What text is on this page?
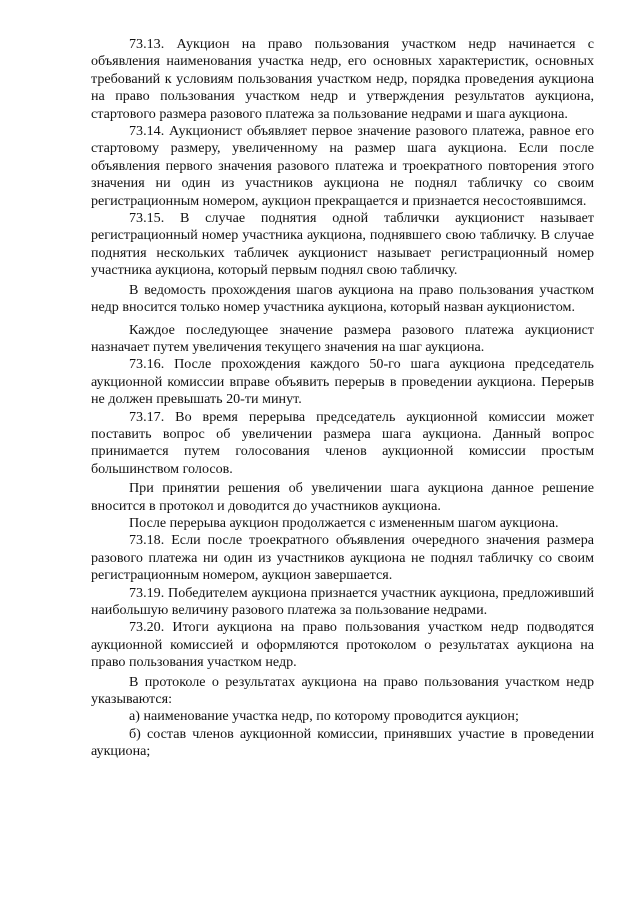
73.13. Аукцион на право пользования участком недр начинается с объявления наименования участка недр, его основных характеристик, основных требований к условиям пользования участком недр, порядка проведения аукциона на право пользования участком недр и утверждения результатов аукциона, стартового размера разового платежа за пользование недрами и шага аукциона.

73.14. Аукционист объявляет первое значение разового платежа, равное его стартовому размеру, увеличенному на размер шага аукциона. Если после объявления первого значения разового платежа и троекратного повторения этого значения ни один из участников аукциона не поднял табличку со своим регистрационным номером, аукцион прекращается и признается несостоявшимся.

73.15. В случае поднятия одной таблички аукционист называет регистрационный номер участника аукциона, поднявшего свою табличку. В случае поднятия нескольких табличек аукционист называет регистрационный номер участника аукциона, который первым поднял свою табличку.

В ведомость прохождения шагов аукциона на право пользования участком недр вносится только номер участника аукциона, который назван аукционистом.

Каждое последующее значение размера разового платежа аукционист назначает путем увеличения текущего значения на шаг аукциона.

73.16. После прохождения каждого 50-го шага аукциона председатель аукционной комиссии вправе объявить перерыв в проведении аукциона. Перерыв не должен превышать 20-ти минут.

73.17. Во время перерыва председатель аукционной комиссии может поставить вопрос об увеличении размера шага аукциона. Данный вопрос принимается путем голосования членов аукционной комиссии простым большинством голосов.

При принятии решения об увеличении шага аукциона данное решение вносится в протокол и доводится до участников аукциона.

После перерыва аукцион продолжается с измененным шагом аукциона.

73.18. Если после троекратного объявления очередного значения размера разового платежа ни один из участников аукциона не поднял табличку со своим регистрационным номером, аукцион завершается.

73.19. Победителем аукциона признается участник аукциона, предложивший наибольшую величину разового платежа за пользование недрами.

73.20. Итоги аукциона на право пользования участком недр подводятся аукционной комиссией и оформляются протоколом о результатах аукциона на право пользования участком недр.

В протоколе о результатах аукциона на право пользования участком недр указываются:

а) наименование участка недр, по которому проводится аукцион;

б) состав членов аукционной комиссии, принявших участие в проведении аукциона;
